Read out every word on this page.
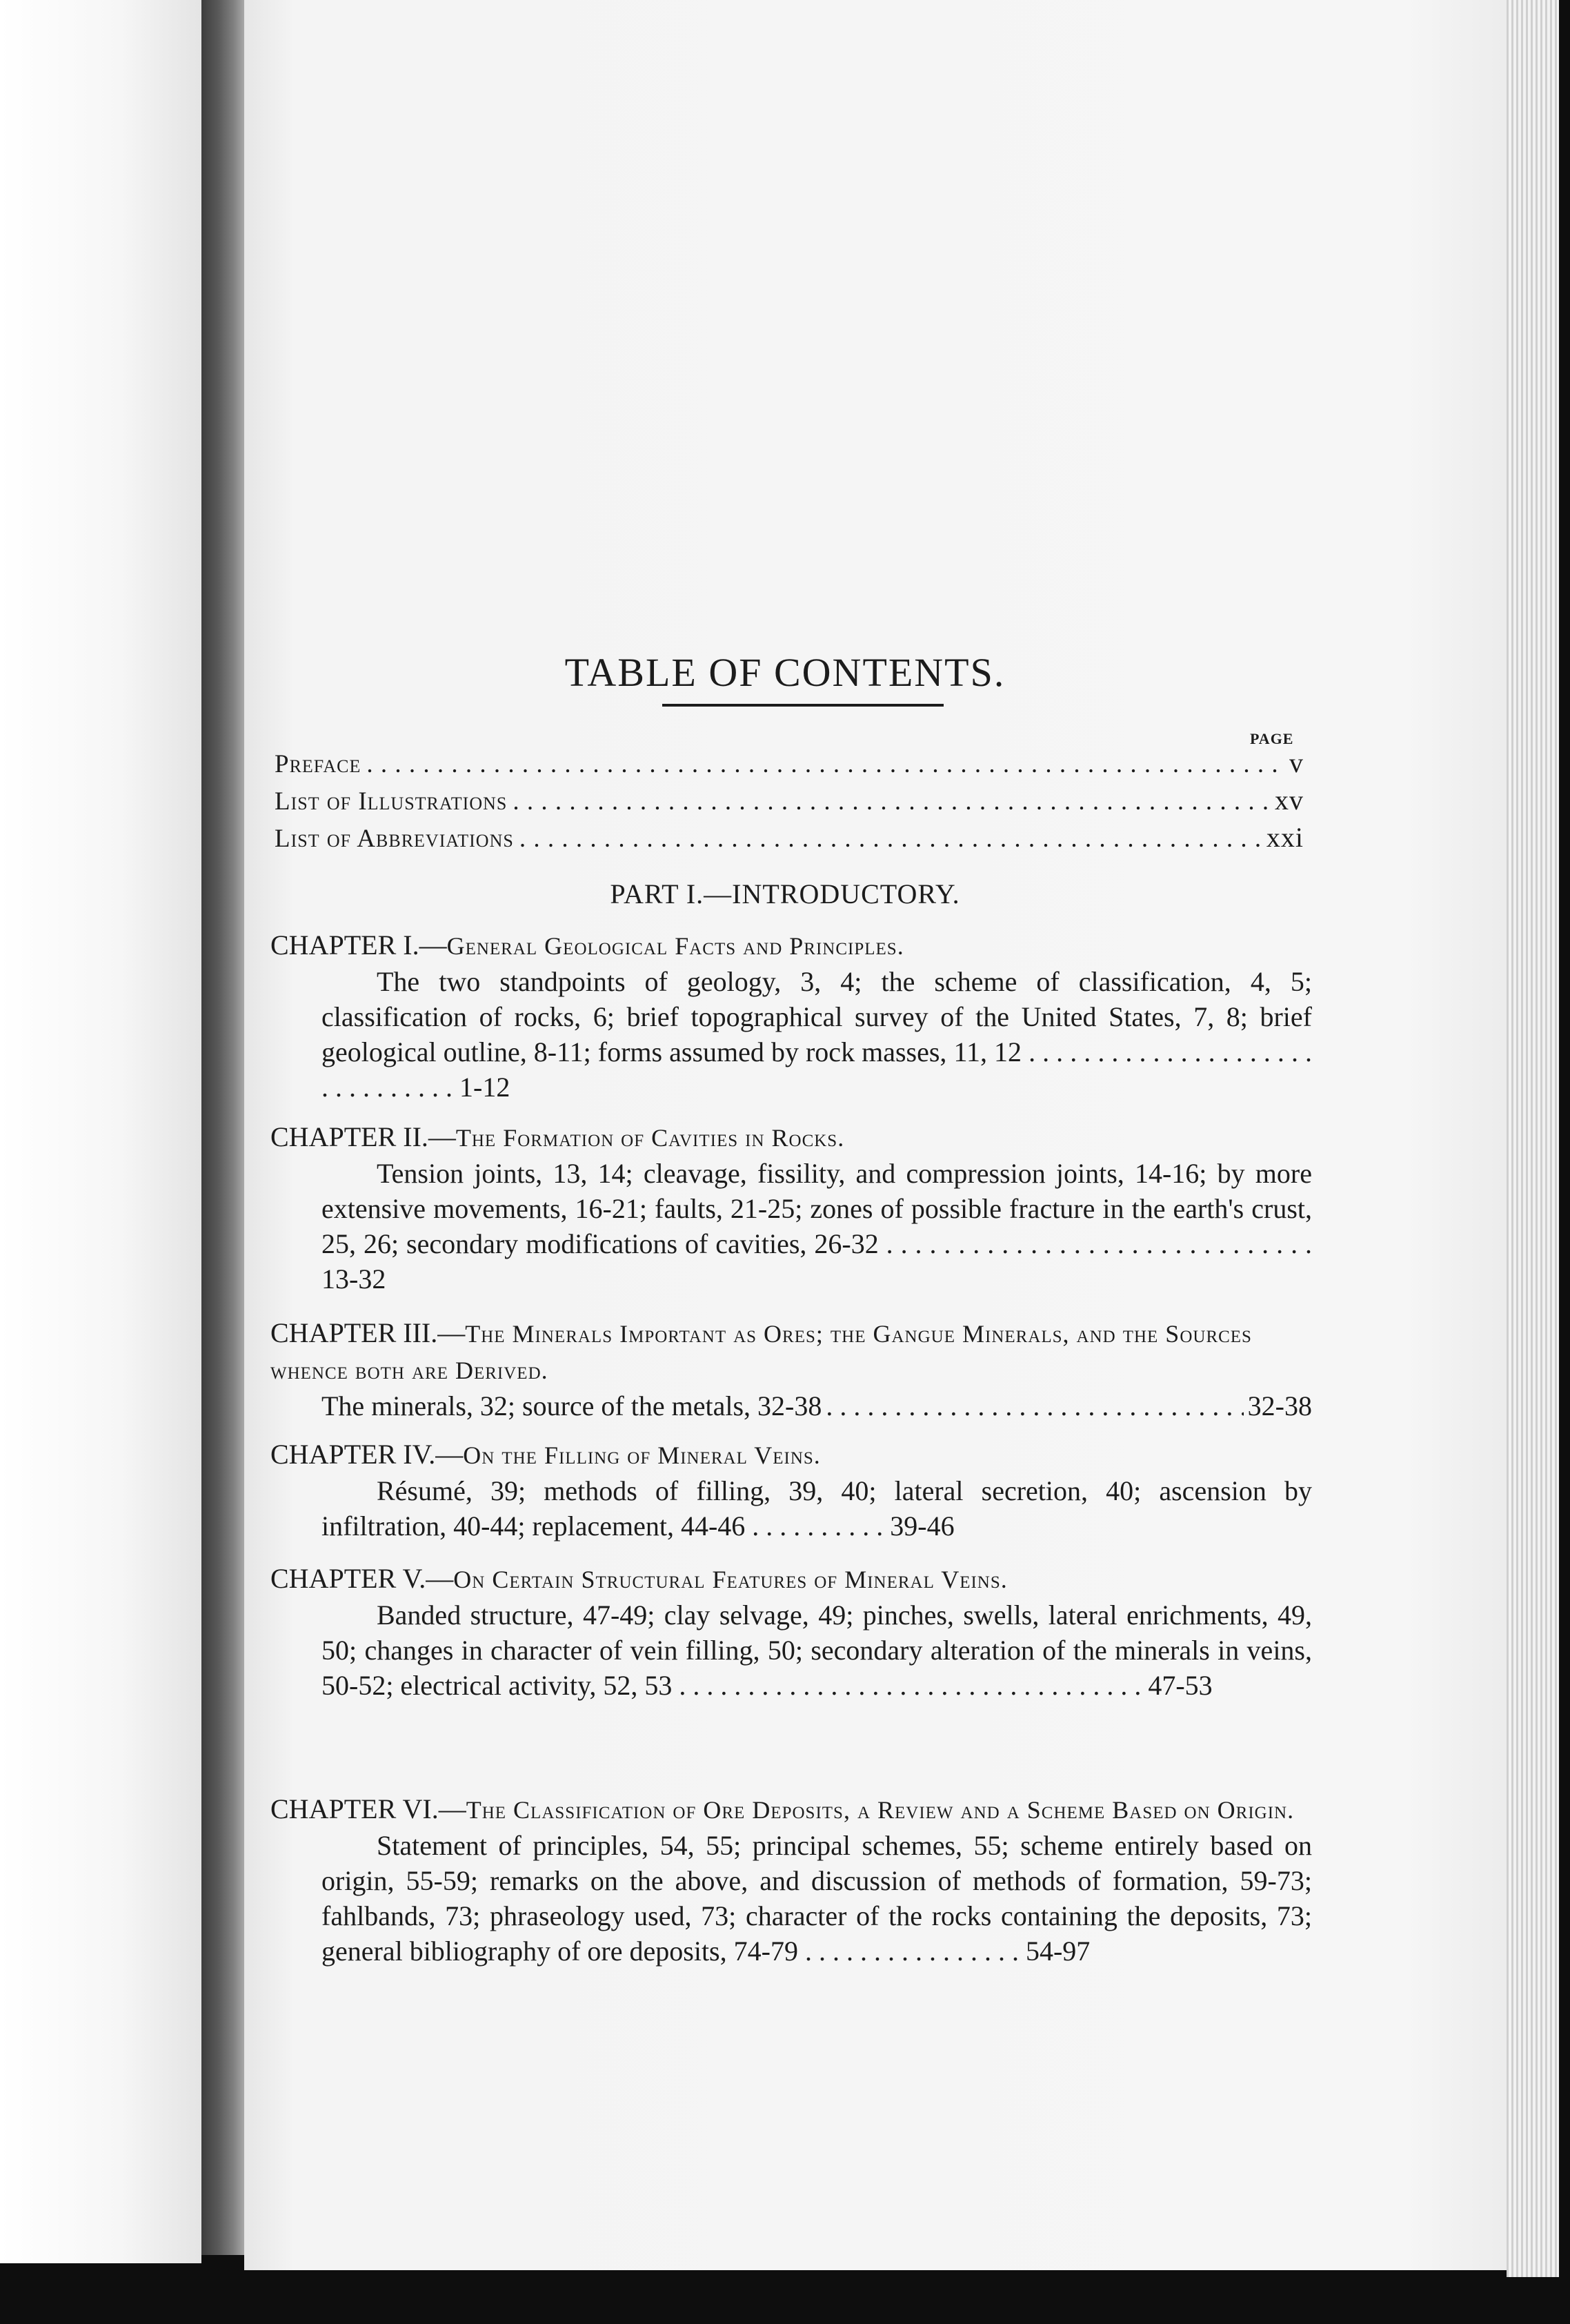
TABLE OF CONTENTS.
PAGE
Preface . . .	v
List of Illustrations . . .	xv
List of Abbreviations . . .	xxi
PART I.—INTRODUCTORY.

CHAPTER I.—General Geological Facts and Principles.

The two standpoints of geology, 3, 4; the scheme of classification, 4, 5; classification of rocks, 6; brief topographical survey of the United States, 7, 8; brief geological outline, 8-11; forms assumed by rock masses, 11, 12 . . . . . . . . . . . . . . . . . . . . . . . . . . . . . . . 1-12

CHAPTER II.—The Formation of Cavities in Rocks.

Tension joints, 13, 14; cleavage, fissility, and compression joints, 14-16; by more extensive movements, 16-21; faults, 21-25; zones of possible fracture in the earth's crust, 25, 26; secondary modifications of cavities, 26-32 . . . . . . . . . . . . . . . . . . . . . . . . . . . . . . 13-32

CHAPTER III.—The Minerals Important as Ores; the Gangue Minerals, and the Sources whence both are Derived.

The minerals, 32; source of the metals, 32-38 . . .	32-38

CHAPTER IV.—On the Filling of Mineral Veins.

Résumé, 39; methods of filling, 39, 40; lateral secretion, 40; ascension by infiltration, 40-44; replacement, 44-46 . . . . . . . . . . 39-46

CHAPTER V.—On Certain Structural Features of Mineral Veins.

Banded structure, 47-49; clay selvage, 49; pinches, swells, lateral enrichments, 49, 50; changes in character of vein filling, 50; secondary alteration of the minerals in veins, 50-52; electrical activity, 52, 53 . . . . . . . . . . . . . . . . . . . . . . . . . . . . . . . . . . 47-53

CHAPTER VI.—The Classification of Ore Deposits, a Review and a Scheme Based on Origin.

Statement of principles, 54, 55; principal schemes, 55; scheme entirely based on origin, 55-59; remarks on the above, and discussion of methods of formation, 59-73; fahlbands, 73; phraseology used, 73; character of the rocks containing the deposits, 73; general bibliography of ore deposits, 74-79 . . . . . . . . . . . . . . . . 54-97
